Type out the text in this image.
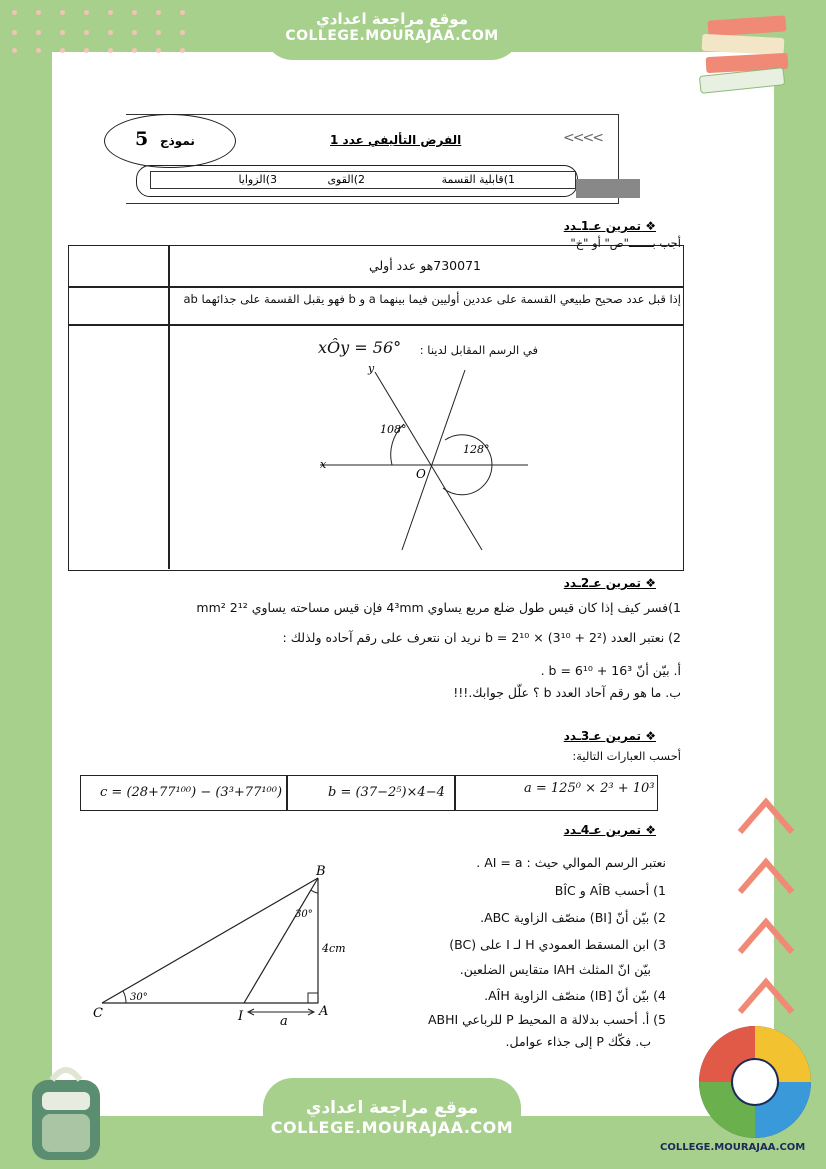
موقع مراجعة اعدادي
COLLEGE.MOURAJAA.COM
5 نموذج	الفرض التأليفي عدد 1	<<<<
1)قابلية القسمة
2)القوى
3)الزوايا
❖ تمرين عـ1ـدد
أجب بـــــــ"ص" أو "خ"
730071هو عدد أولي
إذا قبل عدد صحيح طبيعي القسمة على عددين أوليين فيما بينهما a و b فهو يقبل القسمة على جذائهما ab
في الرسم المقابل لدينا :
xÔy = 56°
x
y
O
108°
128°
❖ تمرين عـ2ـدد
1)فسر كيف إذا كان قيس طول ضلع مربع يساوي 4³mm فإن قيس مساحته يساوي 2¹² mm²
2) نعتبر العدد b = 2¹⁰ × (3¹⁰ + 2²) نريد ان نتعرف على رقم آحاده ولذلك :
أ. بيّن أنّ b = 6¹⁰ + 16³ .
ب. ما هو رقم آحاد العدد b ؟ علّل جوابك.!!!
❖ تمرين عـ3ـدد
أحسب العبارات التالية:
c = (28+77¹⁰⁰) − (3³+77¹⁰⁰)	b = (37−2⁵)×4−4	a = 125⁰ × 2³ + 10³
❖ تمرين عـ4ـدد
نعتبر الرسم الموالي حيث : AI = a .
1) أحسب AÎB و BÎC
2) بيّن أنّ [BI) منصّف الزاوية ABC.
3) ابن المسقط العمودي H لـ I على (BC)
بيّن انّ المثلث IAH متقايس الضلعين.
4) بيّن أنّ [IB) منصّف الزاوية AÎH.
5) أ. أحسب بدلالة a المحيط P للرباعي ABHI
ب. فكّك P إلى جذاء عوامل.
B
C	I	A
a
30°
30°
4cm
COLLEGE.MOURAJAA.COM
موقع مراجعة اعدادي
COLLEGE.MOURAJAA.COM
